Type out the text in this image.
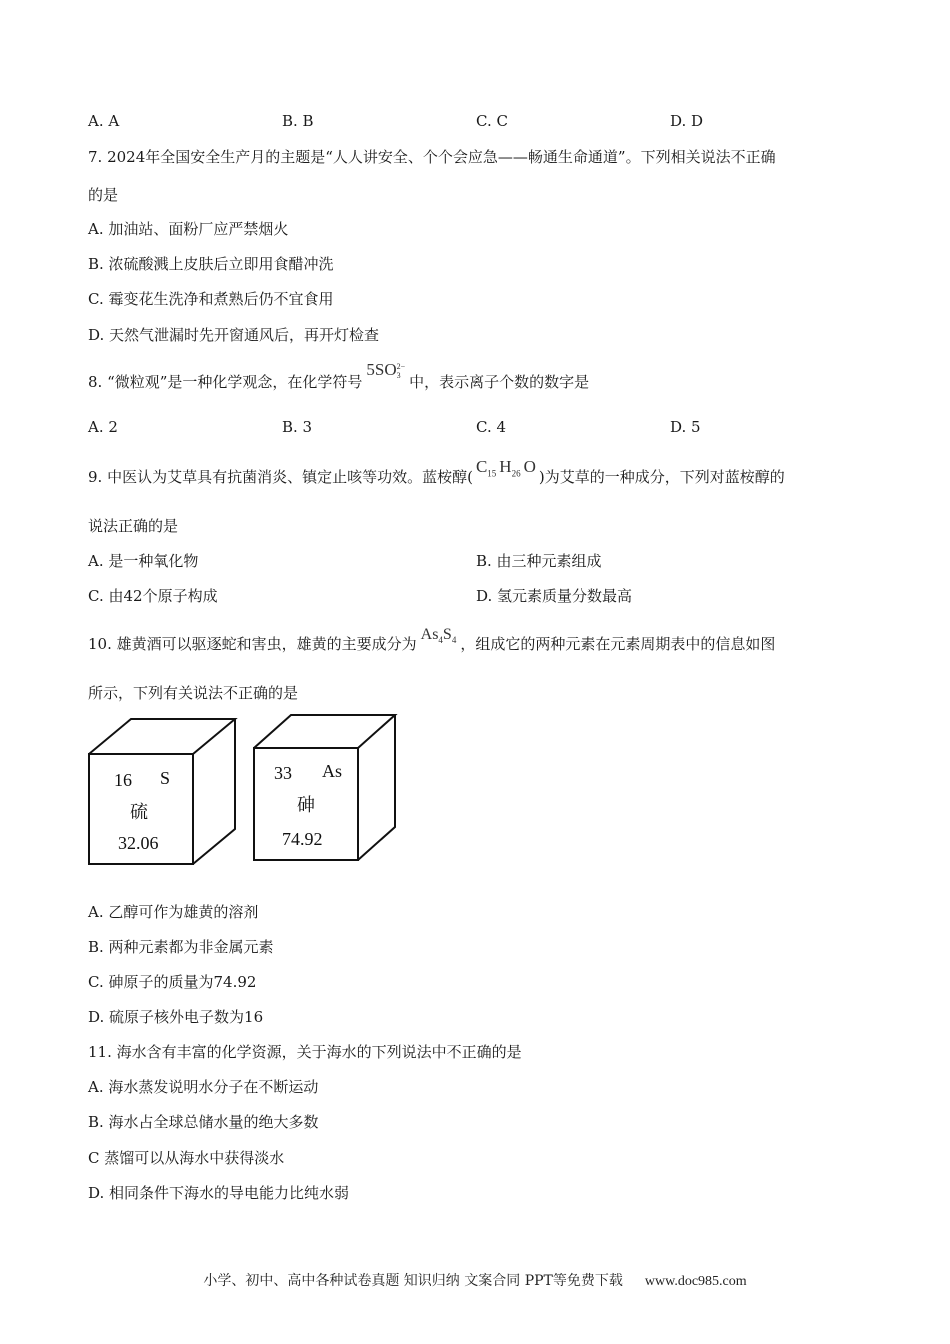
A. A	B. B	C. C	D. D
7. 2024年全国安全生产月的主题是“人人讲安全、个个会应急——畅通生命通道”。下列相关说法不正确
的是
A. 加油站、面粉厂应严禁烟火
B. 浓硫酸溅上皮肤后立即用食醋冲洗
C. 霉变花生洗净和煮熟后仍不宜食用
D. 天然气泄漏时先开窗通风后，再开灯检查
8. “微粒观”是一种化学观念，在化学符号5SO 2−
3 中，表示离子个数的数字是
A. 2	B. 3	C. 4	D. 5
9. 中医认为艾草具有抗菌消炎、镇定止咳等功效。蓝桉醇($C_{15}$ $H_{26}$ O)为艾草的一种成分，下列对蓝桉醇的
说法正确的是
A. 是一种氧化物	B. 由三种元素组成
C. 由42个原子构成	D. 氢元素质量分数最高
10. 雄黄酒可以驱逐蛇和害虫，雄黄的主要成分为$As_4S_4$ ，组成它的两种元素在元素周期表中的信息如图
所示，下列有关说法不正确的是
16 S
硫
32.06
33 As
砷
74.92
A. 乙醇可作为雄黄的溶剂
B. 两种元素都为非金属元素
C. 砷原子的质量为74.92
D. 硫原子核外电子数为16
11. 海水含有丰富的化学资源，关于海水的下列说法中不正确的是
A. 海水蒸发说明水分子在不断运动
B. 海水占全球总储水量的绝大多数
C 蒸馏可以从海水中获得淡水
D. 相同条件下海水的导电能力比纯水弱
小学、初中、高中各种试卷真题 知识归纳 文案合同 PPT等免费下载 www.doc985.com
